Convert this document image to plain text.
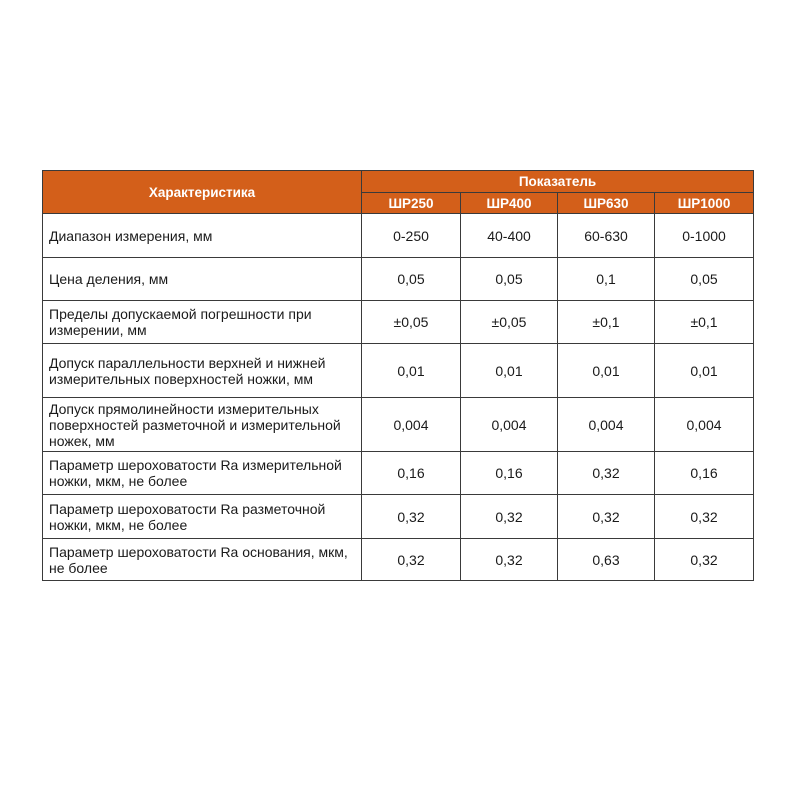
Характеристика	Показатель			
	ШР250	ШР400	ШР630	ШР1000
Диапазон измерения, мм	0-250	40-400	60-630	0-1000
Цена деления, мм	0,05	0,05	0,1	0,05
Пределы допускаемой погрешности при измерении, мм	±0,05	±0,05	±0,1	±0,1
Допуск параллельности верхней и нижней измерительных поверхностей ножки, мм	0,01	0,01	0,01	0,01
Допуск прямолинейности измерительных поверхностей разметочной и измерительной ножек, мм	0,004	0,004	0,004	0,004
Параметр шероховатости Ra измерительной ножки, мкм, не более	0,16	0,16	0,32	0,16
Параметр шероховатости Ra разметочной ножки, мкм, не более	0,32	0,32	0,32	0,32
Параметр шероховатости Ra основания, мкм, не более	0,32	0,32	0,63	0,32
